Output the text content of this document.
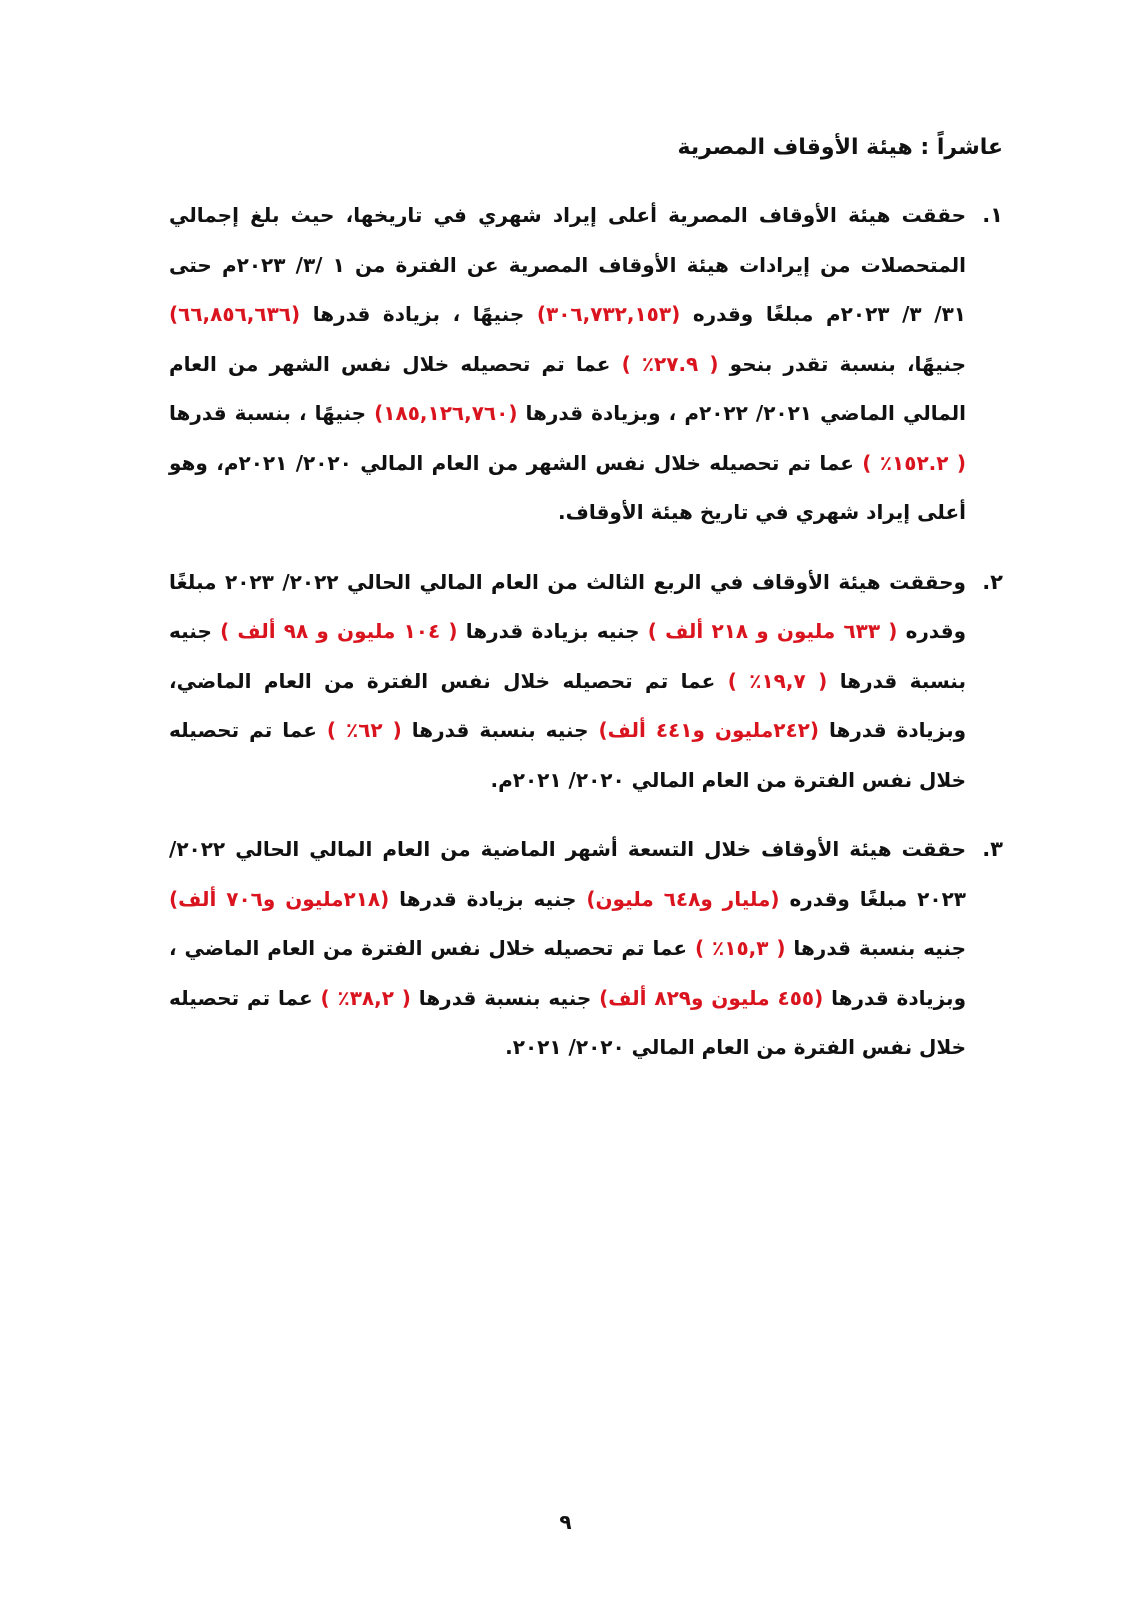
عاشراً : هيئة الأوقاف المصرية
١.

حققت هيئة الأوقاف المصرية أعلى إيراد شهري في تاريخها، حيث بلغ إجمالي المتحصلات من إيرادات هيئة الأوقاف المصرية عن الفترة من ١ /٣/ ٢٠٢٣م حتى ٣١/ ٣/ ٢٠٢٣م مبلغًا وقدره (٣٠٦,٧٣٢,١٥٣) جنيهًا ، بزيادة قدرها (٦٦,٨٥٦,٦٣٦) جنيهًا، بنسبة تقدر بنحو ( ٢٧.٩٪ ) عما تم تحصيله خلال نفس الشهر من العام المالي الماضي ٢٠٢١/ ٢٠٢٢م ، وبزيادة قدرها (١٨٥,١٢٦,٧٦٠) جنيهًا ، بنسبة قدرها ( ١٥٢.٢٪ ) عما تم تحصيله خلال نفس الشهر من العام المالي ٢٠٢٠/ ٢٠٢١م، وهو أعلى إيراد شهري في تاريخ هيئة الأوقاف.

٢.

وحققت هيئة الأوقاف في الربع الثالث من العام المالي الحالي ٢٠٢٢/ ٢٠٢٣ مبلغًا وقدره ( ٦٣٣ مليون و ٢١٨ ألف ) جنيه بزيادة قدرها ( ١٠٤ مليون و ٩٨ ألف ) جنيه بنسبة قدرها ( ١٩,٧٪ ) عما تم تحصيله خلال نفس الفترة من العام الماضي، وبزيادة قدرها (٢٤٢مليون و٤٤١ ألف) جنيه بنسبة قدرها ( ٦٢٪ ) عما تم تحصيله خلال نفس الفترة من العام المالي ٢٠٢٠/ ٢٠٢١م.

٣.

حققت هيئة الأوقاف خلال التسعة أشهر الماضية من العام المالي الحالي ٢٠٢٢/ ٢٠٢٣ مبلغًا وقدره (مليار و٦٤٨ مليون) جنيه بزيادة قدرها (٢١٨مليون و٧٠٦ ألف) جنيه بنسبة قدرها ( ١٥,٣٪ ) عما تم تحصيله خلال نفس الفترة من العام الماضي ، وبزيادة قدرها (٤٥٥ مليون و٨٢٩ ألف) جنيه بنسبة قدرها ( ٣٨,٢٪ ) عما تم تحصيله خلال نفس الفترة من العام المالي ٢٠٢٠/ ٢٠٢١.

٩
